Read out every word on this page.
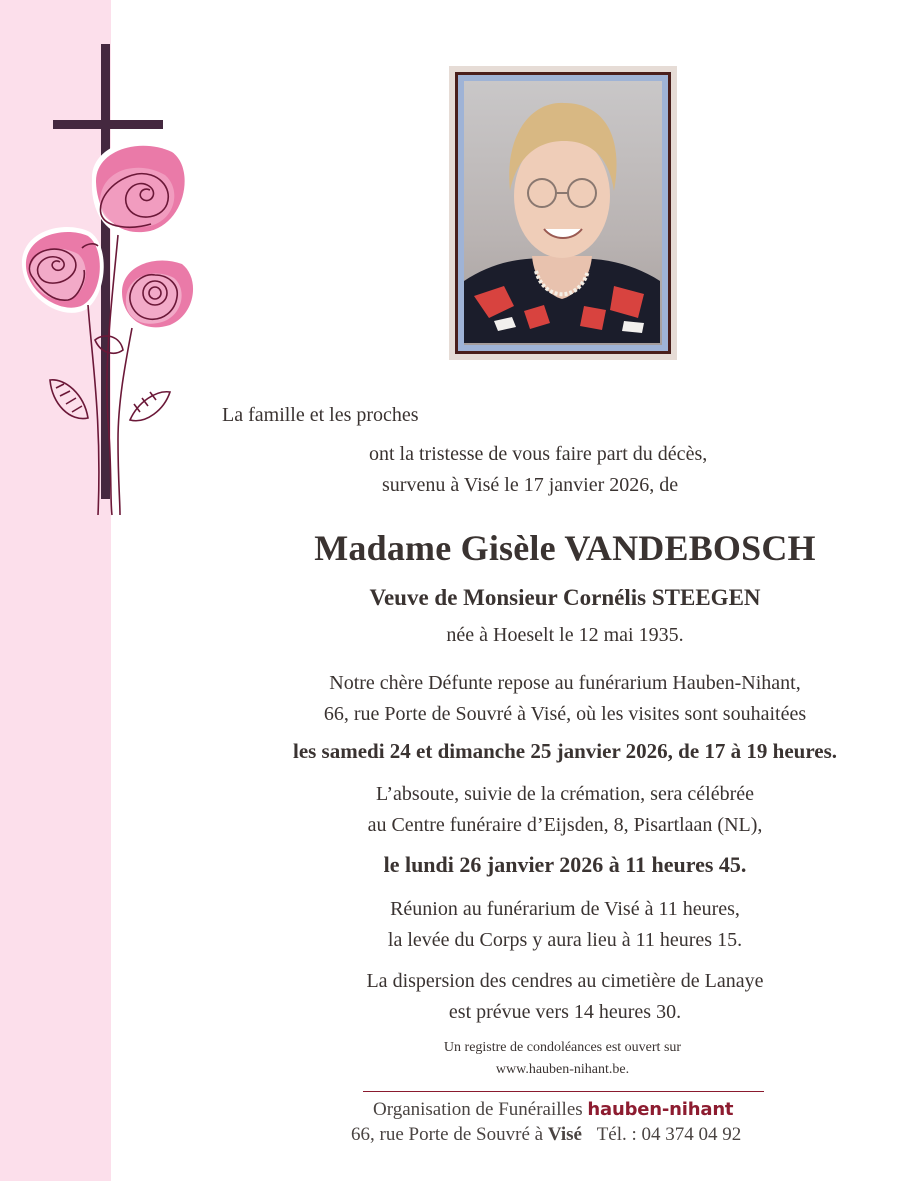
La famille et les proches
ont la tristesse de vous faire part du décès,
survenu à Visé le 17 janvier 2026, de
Madame Gisèle VANDEBOSCH
Veuve de Monsieur Cornélis STEEGEN
née à Hoeselt le 12 mai 1935.
Notre chère Défunte repose au funérarium Hauben-Nihant,
66, rue Porte de Souvré à Visé, où les visites sont souhaitées
les samedi 24 et dimanche 25 janvier 2026, de 17 à 19 heures.
L’absoute, suivie de la crémation, sera célébrée
au Centre funéraire d’Eijsden, 8, Pisartlaan (NL),
le lundi 26 janvier 2026 à 11 heures 45.
Réunion au funérarium de Visé à 11 heures,
la levée du Corps y aura lieu à 11 heures 15.
La dispersion des cendres au cimetière de Lanaye
est prévue vers 14 heures 30.
Un registre de condoléances est ouvert sur
www.hauben-nihant.be.
Organisation de Funérailles hauben-nihant
66, rue Porte de Souvré à Visé Tél. : 04 374 04 92
